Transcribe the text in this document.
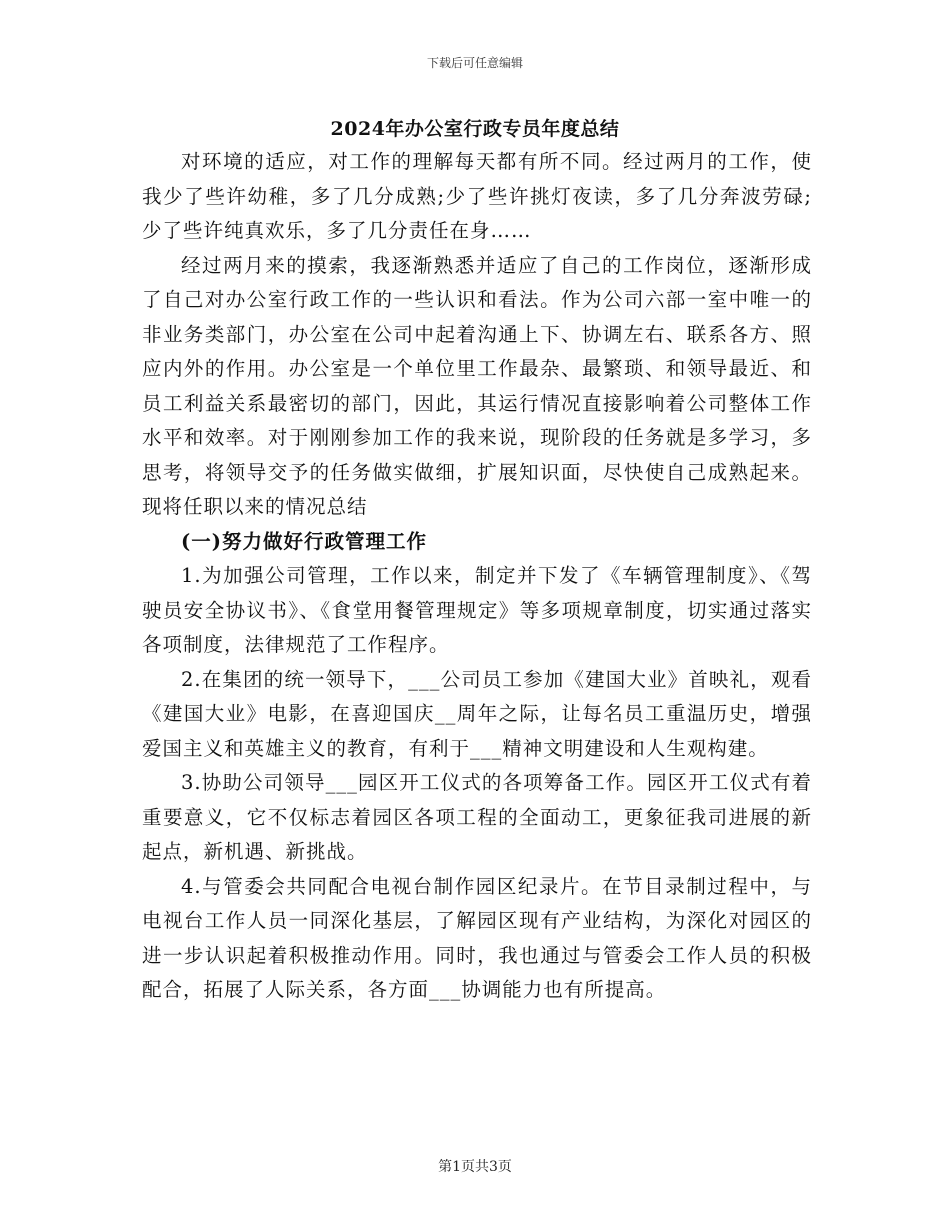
下载后可任意编辑
2024年办公室行政专员年度总结

对环境的适应，对工作的理解每天都有所不同。经过两月的工作，使我少了些许幼稚，多了几分成熟;少了些许挑灯夜读，多了几分奔波劳碌;少了些许纯真欢乐，多了几分责任在身……

经过两月来的摸索，我逐渐熟悉并适应了自己的工作岗位，逐渐形成了自己对办公室行政工作的一些认识和看法。作为公司六部一室中唯一的非业务类部门，办公室在公司中起着沟通上下、协调左右、联系各方、照应内外的作用。办公室是一个单位里工作最杂、最繁琐、和领导最近、和员工利益关系最密切的部门，因此，其运行情况直接影响着公司整体工作水平和效率。对于刚刚参加工作的我来说，现阶段的任务就是多学习，多思考，将领导交予的任务做实做细，扩展知识面，尽快使自己成熟起来。现将任职以来的情况总结

(一)努力做好行政管理工作

1.为加强公司管理，工作以来，制定并下发了《车辆管理制度》、《驾驶员安全协议书》、《食堂用餐管理规定》等多项规章制度，切实通过落实各项制度，法律规范了工作程序。

2.在集团的统一领导下，___公司员工参加《建国大业》首映礼，观看《建国大业》电影，在喜迎国庆__周年之际，让每名员工重温历史，增强爱国主义和英雄主义的教育，有利于___精神文明建设和人生观构建。

3.协助公司领导___园区开工仪式的各项筹备工作。园区开工仪式有着重要意义，它不仅标志着园区各项工程的全面动工，更象征我司进展的新起点，新机遇、新挑战。

4.与管委会共同配合电视台制作园区纪录片。在节目录制过程中，与电视台工作人员一同深化基层，了解园区现有产业结构，为深化对园区的进一步认识起着积极推动作用。同时，我也通过与管委会工作人员的积极配合，拓展了人际关系，各方面___协调能力也有所提高。

第1页共3页
